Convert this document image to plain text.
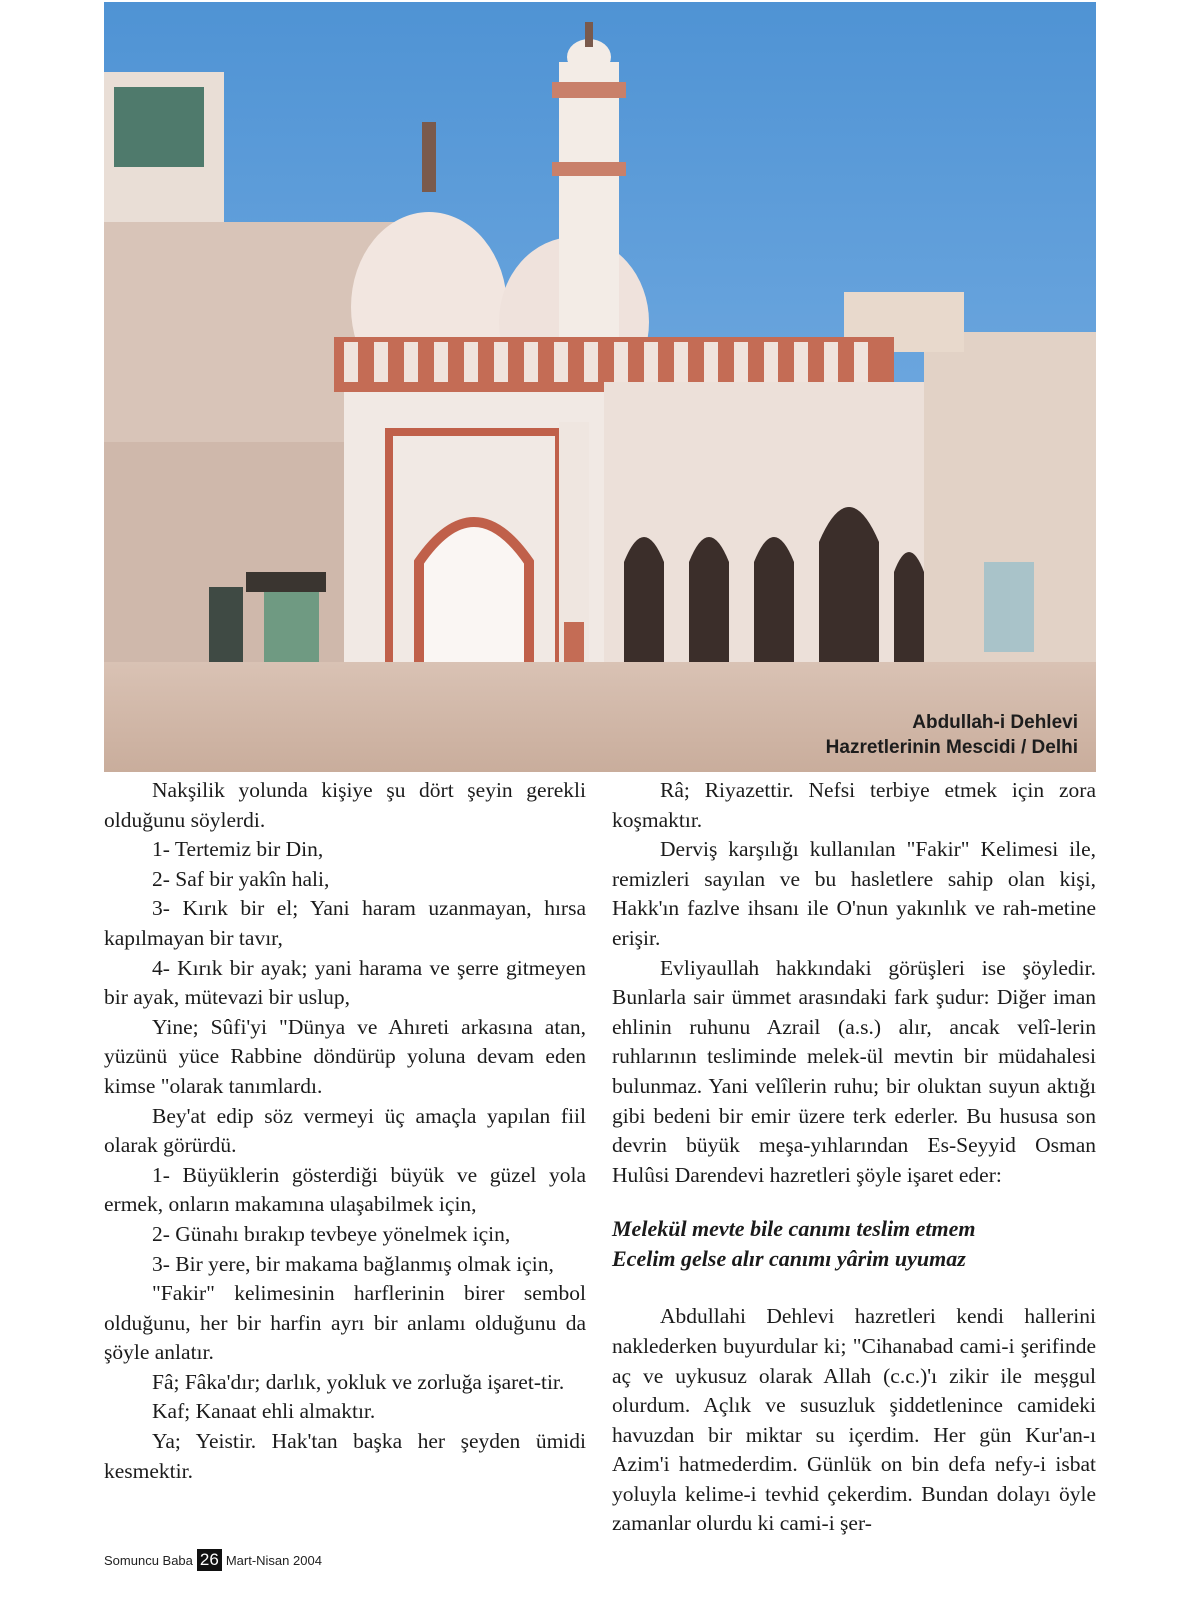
Abdullah-i Dehlevi
Hazretlerinin Mescidi / Delhi

Nakşilik yolunda kişiye şu dört şeyin gerekli olduğunu söylerdi.

1- Tertemiz bir Din,

2- Saf bir yakîn hali,

3- Kırık bir el; Yani haram uzanmayan, hırsa kapılmayan bir tavır,

4- Kırık bir ayak; yani harama ve şerre gitmeyen bir ayak, mütevazi bir uslup,

Yine; Sûfi'yi "Dünya ve Ahıreti arkasına atan, yüzünü yüce Rabbine döndürüp yoluna devam eden kimse "olarak tanımlardı.

Bey'at edip söz vermeyi üç amaçla yapılan fiil olarak görürdü.

1- Büyüklerin gösterdiği büyük ve güzel yola ermek, onların makamına ulaşabilmek için,

2- Günahı bırakıp tevbeye yönelmek için,

3- Bir yere, bir makama bağlanmış olmak için,

"Fakir" kelimesinin harflerinin birer sembol olduğunu, her bir harfin ayrı bir anlamı olduğunu da şöyle anlatır.

Fâ; Fâka'dır; darlık, yokluk ve zorluğa işaret-tir.

Kaf; Kanaat ehli almaktır.

Ya; Yeistir. Hak'tan başka her şeyden ümidi kesmektir.

Râ; Riyazettir. Nefsi terbiye etmek için zora koşmaktır.

Derviş karşılığı kullanılan "Fakir" Kelimesi ile, remizleri sayılan ve bu hasletlere sahip olan kişi, Hakk'ın fazlve ihsanı ile O'nun yakınlık ve rah-metine erişir.

Evliyaullah hakkındaki görüşleri ise şöyledir. Bunlarla sair ümmet arasındaki fark şudur: Diğer iman ehlinin ruhunu Azrail (a.s.) alır, ancak velî-lerin ruhlarının tesliminde melek-ül mevtin bir müdahalesi bulunmaz. Yani velîlerin ruhu; bir oluktan suyun aktığı gibi bedeni bir emir üzere terk ederler. Bu hususa son devrin büyük meşa-yıhlarından Es-Seyyid Osman Hulûsi Darendevi hazretleri şöyle işaret eder:

Melekül mevte bile canımı teslim etmem
Ecelim gelse alır canımı yârim uyumaz

Abdullahi Dehlevi hazretleri kendi hallerini naklederken buyurdular ki; "Cihanabad cami-i şerifinde aç ve uykusuz olarak Allah (c.c.)'ı zikir ile meşgul olurdum. Açlık ve susuzluk şiddetlenince camideki havuzdan bir miktar su içerdim. Her gün Kur'an-ı Azim'i hatmederdim. Günlük on bin defa nefy-i isbat yoluyla kelime-i tevhid çekerdim. Bundan dolayı öyle zamanlar olurdu ki cami-i şer-

Somuncu Baba 26 Mart-Nisan 2004
